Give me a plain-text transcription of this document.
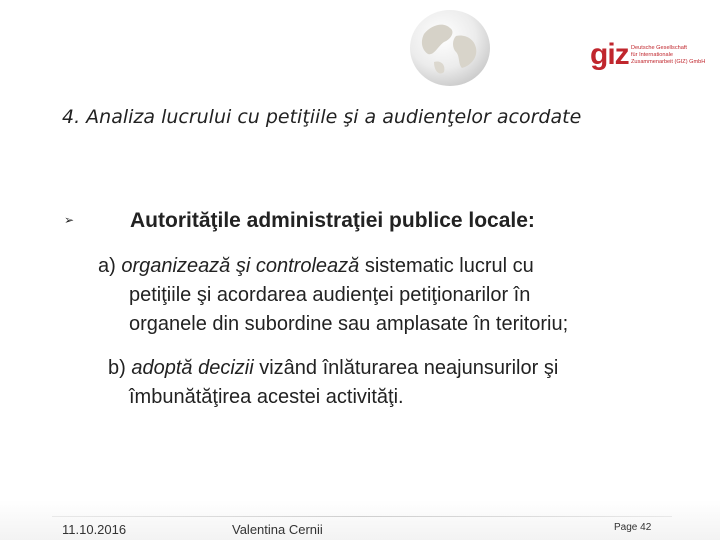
giz Deutsche Gesellschaft
für Internationale
Zusammenarbeit (GIZ) GmbH
4. Analiza lucrului cu petiţiile şi a audienţelor acordate
➢	Autorităţile administraţiei publice locale:
a) organizează şi controlează sistematic lucrul cu
petiţiile şi acordarea audienţei petiţionarilor în
organele din subordine sau amplasate în teritoriu;
b) adoptă decizii vizând înlăturarea neajunsurilor şi
îmbunătăţirea acestei activităţi.
11.10.2016	Valentina Cernii	Page 42
